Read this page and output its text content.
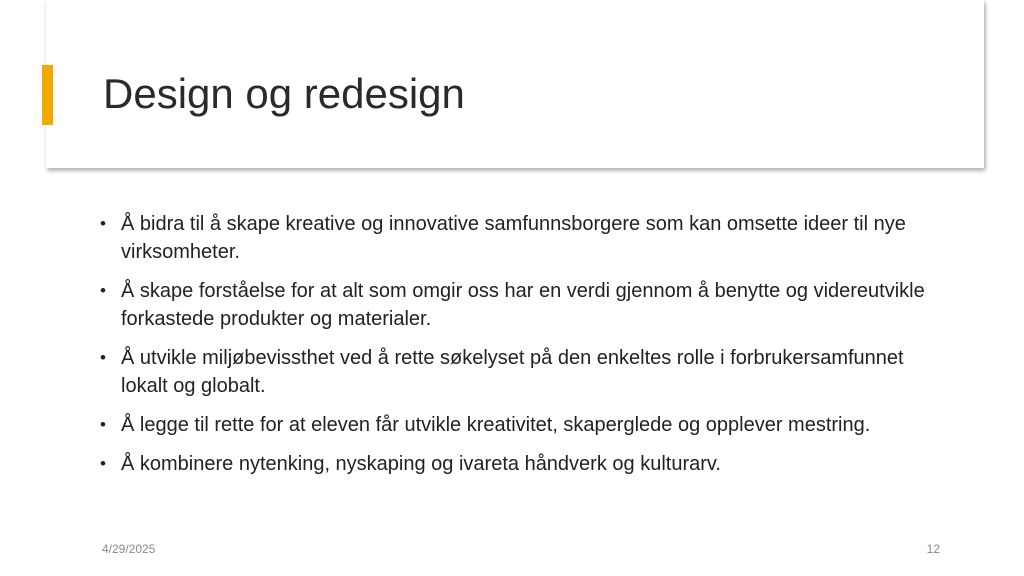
Design og redesign
• Å bidra til å skape kreative og innovative samfunnsborgere som kan omsette ideer til nye virksomheter.
• Å skape forståelse for at alt som omgir oss har en verdi gjennom å benytte og videreutvikle forkastede produkter og materialer.
• Å utvikle miljøbevissthet ved å rette søkelyset på den enkeltes rolle i forbrukersamfunnet lokalt og globalt.
• Å legge til rette for at eleven får utvikle kreativitet, skaperglede og opplever mestring.
• Å kombinere nytenking, nyskaping og ivareta håndverk og kulturarv.
4/29/2025	12
